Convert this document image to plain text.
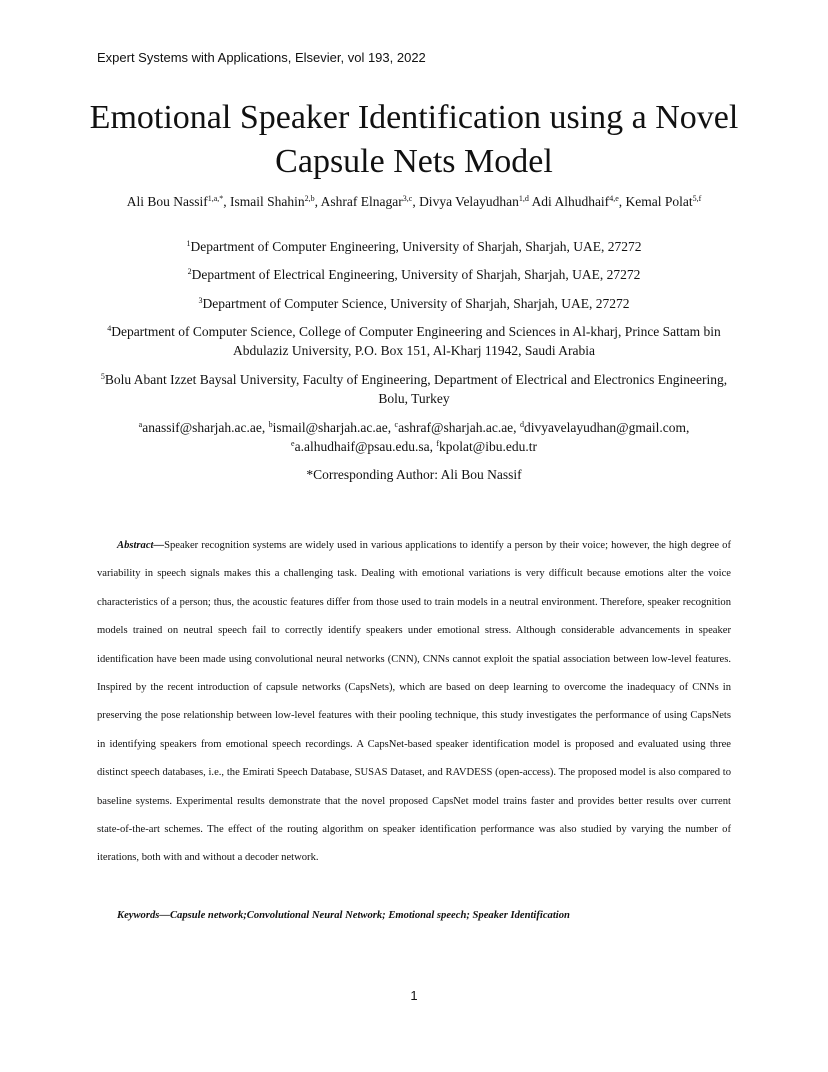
Expert Systems with Applications, Elsevier, vol 193, 2022
Emotional Speaker Identification using a Novel
Capsule Nets Model
Ali Bou Nassif$^{1,a,*}$, Ismail Shahin$^{2,b}$, Ashraf Elnagar$^{3,c}$, Divya Velayudhan$^{1,d}$ Adi Alhudhaif$^{4,e}$, Kemal Polat$^{5,f}$
$^1$Department of Computer Engineering, University of Sharjah, Sharjah, UAE, 27272
$^2$Department of Electrical Engineering, University of Sharjah, Sharjah, UAE, 27272
$^3$Department of Computer Science, University of Sharjah, Sharjah, UAE, 27272
$^4$Department of Computer Science, College of Computer Engineering and Sciences in Al-kharj, Prince Sattam bin Abdulaziz University, P.O. Box 151, Al-Kharj 11942, Saudi Arabia
$^5$Bolu Abant Izzet Baysal University, Faculty of Engineering, Department of Electrical and Electronics Engineering, Bolu, Turkey
$^a$anassif@sharjah.ac.ae, $^b$ismail@sharjah.ac.ae, $^c$ashraf@sharjah.ac.ae, $^d$divyavelayudhan@gmail.com, $^e$a.alhudhaif@psau.edu.sa, $^f$kpolat@ibu.edu.tr
*Corresponding Author: Ali Bou Nassif

Abstract—Speaker recognition systems are widely used in various applications to identify a person by their voice; however, the high degree of variability in speech signals makes this a challenging task. Dealing with emotional variations is very difficult because emotions alter the voice characteristics of a person; thus, the acoustic features differ from those used to train models in a neutral environment. Therefore, speaker recognition models trained on neutral speech fail to correctly identify speakers under emotional stress. Although considerable advancements in speaker identification have been made using convolutional neural networks (CNN), CNNs cannot exploit the spatial association between low-level features. Inspired by the recent introduction of capsule networks (CapsNets), which are based on deep learning to overcome the inadequacy of CNNs in preserving the pose relationship between low-level features with their pooling technique, this study investigates the performance of using CapsNets in identifying speakers from emotional speech recordings. A CapsNet-based speaker identification model is proposed and evaluated using three distinct speech databases, i.e., the Emirati Speech Database, SUSAS Dataset, and RAVDESS (open-access). The proposed model is also compared to baseline systems. Experimental results demonstrate that the novel proposed CapsNet model trains faster and provides better results over current state-of-the-art schemes. The effect of the routing algorithm on speaker identification performance was also studied by varying the number of iterations, both with and without a decoder network.

Keywords—Capsule network;Convolutional Neural Network; Emotional speech; Speaker Identification
1
